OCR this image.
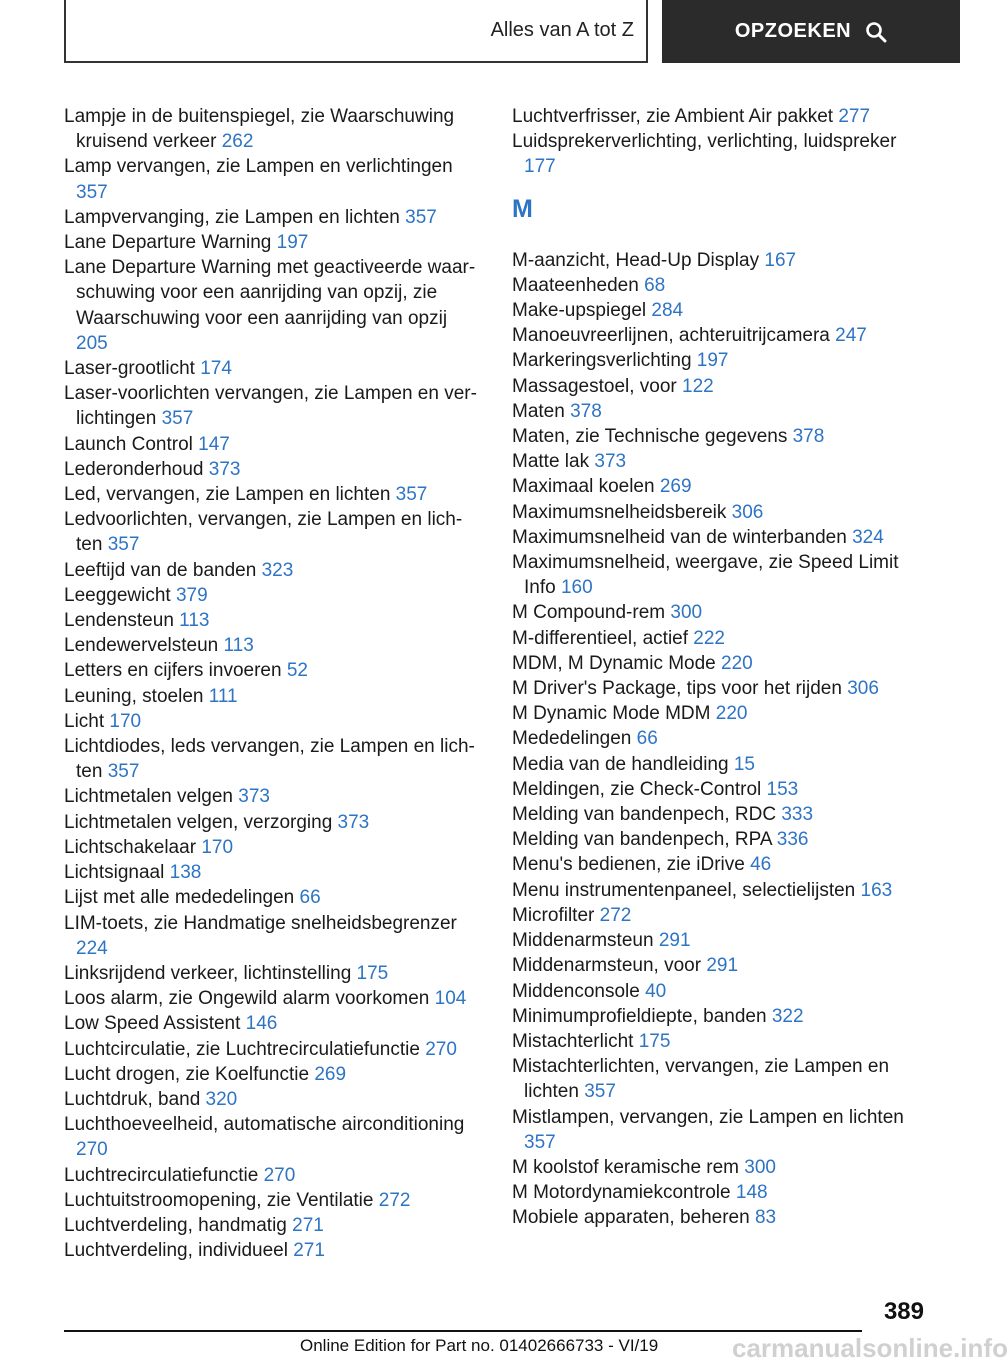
Alles van A tot Z	OPZOEKEN
Lampje in de buitenspiegel, zie Waarschuwing kruisend verkeer 262
Lamp vervangen, zie Lampen en verlichtingen 357
Lampvervanging, zie Lampen en lichten 357
Lane Departure Warning 197
Lane Departure Warning met geactiveerde waarschuwing voor een aanrijding van opzij, zie Waarschuwing voor een aanrijding van opzij 205
Laser-grootlicht 174
Laser-voorlichten vervangen, zie Lampen en verlichtingen 357
Launch Control 147
Lederonderhoud 373
Led, vervangen, zie Lampen en lichten 357
Ledvoorlichten, vervangen, zie Lampen en lichten 357
Leeftijd van de banden 323
Leeggewicht 379
Lendensteun 113
Lendewervelsteun 113
Letters en cijfers invoeren 52
Leuning, stoelen 111
Licht 170
Lichtdiodes, leds vervangen, zie Lampen en lichten 357
Lichtmetalen velgen 373
Lichtmetalen velgen, verzorging 373
Lichtschakelaar 170
Lichtsignaal 138
Lijst met alle mededelingen 66
LIM-toets, zie Handmatige snelheidsbegrenzer 224
Linksrijdend verkeer, lichtinstelling 175
Loos alarm, zie Ongewild alarm voorkomen 104
Low Speed Assistent 146
Luchtcirculatie, zie Luchtrecirculatiefunctie 270
Lucht drogen, zie Koelfunctie 269
Luchtdruk, band 320
Luchthoeveelheid, automatische airconditioning 270
Luchtrecirculatiefunctie 270
Luchtuitstroomopening, zie Ventilatie 272
Luchtverdeling, handmatig 271
Luchtverdeling, individueel 271
Luchtverfrisser, zie Ambient Air pakket 277
Luidsprekerverlichting, verlichting, luidspreker 177
M
M-aanzicht, Head-Up Display 167
Maateenheden 68
Make-upspiegel 284
Manoeuvreerlijnen, achteruitrijcamera 247
Markeringsverlichting 197
Massagestoel, voor 122
Maten 378
Maten, zie Technische gegevens 378
Matte lak 373
Maximaal koelen 269
Maximumsnelheidsbereik 306
Maximumsnelheid van de winterbanden 324
Maximumsnelheid, weergave, zie Speed Limit Info 160
M Compound-rem 300
M-differentieel, actief 222
MDM, M Dynamic Mode 220
M Driver's Package, tips voor het rijden 306
M Dynamic Mode MDM 220
Mededelingen 66
Media van de handleiding 15
Meldingen, zie Check-Control 153
Melding van bandenpech, RDC 333
Melding van bandenpech, RPA 336
Menu's bedienen, zie iDrive 46
Menu instrumentenpaneel, selectielijsten 163
Microfilter 272
Middenarmsteun 291
Middenarmsteun, voor 291
Middenconsole 40
Minimumprofieldiepte, banden 322
Mistachterlicht 175
Mistachterlichten, vervangen, zie Lampen en lichten 357
Mistlampen, vervangen, zie Lampen en lichten 357
M koolstof keramische rem 300
M Motordynamiekcontrole 148
Mobiele apparaten, beheren 83
389
Online Edition for Part no. 01402666733 - VI/19	carmanualsonline.info
